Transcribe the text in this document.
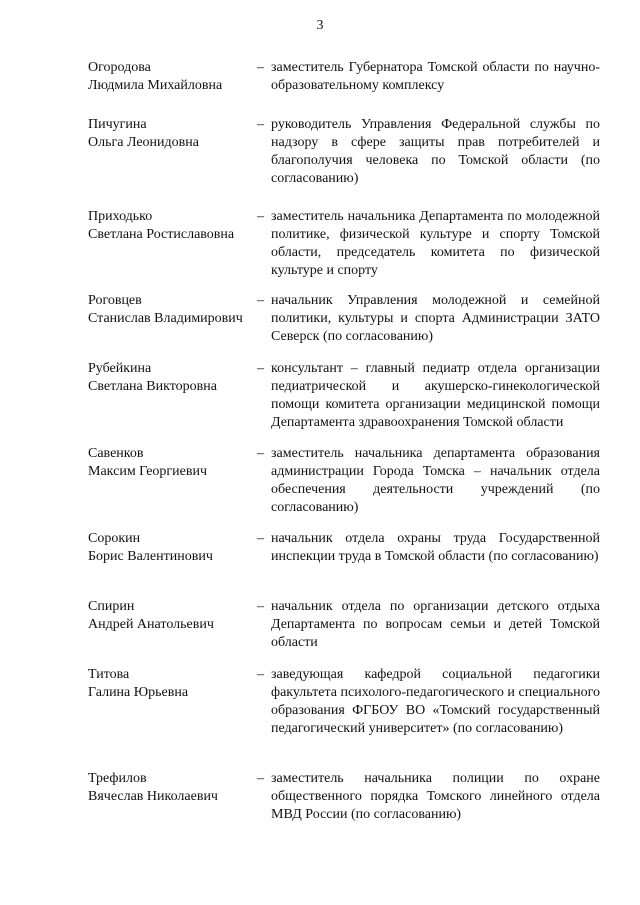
3
Огородова
Людмила Михайловна
– заместитель Губернатора Томской области по научно-образовательному комплексу
Пичугина
Ольга Леонидовна
– руководитель Управления Федеральной службы по надзору в сфере защиты прав потребителей и благополучия человека по Томской области (по согласованию)
Приходько
Светлана Ростиславовна
– заместитель начальника Департамента по молодежной политике, физической культуре и спорту Томской области, председатель комитета по физической культуре и спорту
Роговцев
Станислав Владимирович
– начальник Управления молодежной и семейной политики, культуры и спорта Администрации ЗАТО Северск (по согласованию)
Рубейкина
Светлана Викторовна
– консультант – главный педиатр отдела организации педиатрической и акушерско-гинекологической помощи комитета организации медицинской помощи Департамента здравоохранения Томской области
Савенков
Максим Георгиевич
– заместитель начальника департамента образования администрации Города Томска – начальник отдела обеспечения деятельности учреждений (по согласованию)
Сорокин
Борис Валентинович
– начальник отдела охраны труда Государственной инспекции труда в Томской области (по согласованию)
Спирин
Андрей Анатольевич
– начальник отдела по организации детского отдыха Департамента по вопросам семьи и детей Томской области
Титова
Галина Юрьевна
– заведующая кафедрой социальной педагогики факультета психолого-педагогического и специального образования ФГБОУ ВО «Томский государственный педагогический университет» (по согласованию)
Трефилов
Вячеслав Николаевич
– заместитель начальника полиции по охране общественного порядка Томского линейного отдела МВД России (по согласованию)
